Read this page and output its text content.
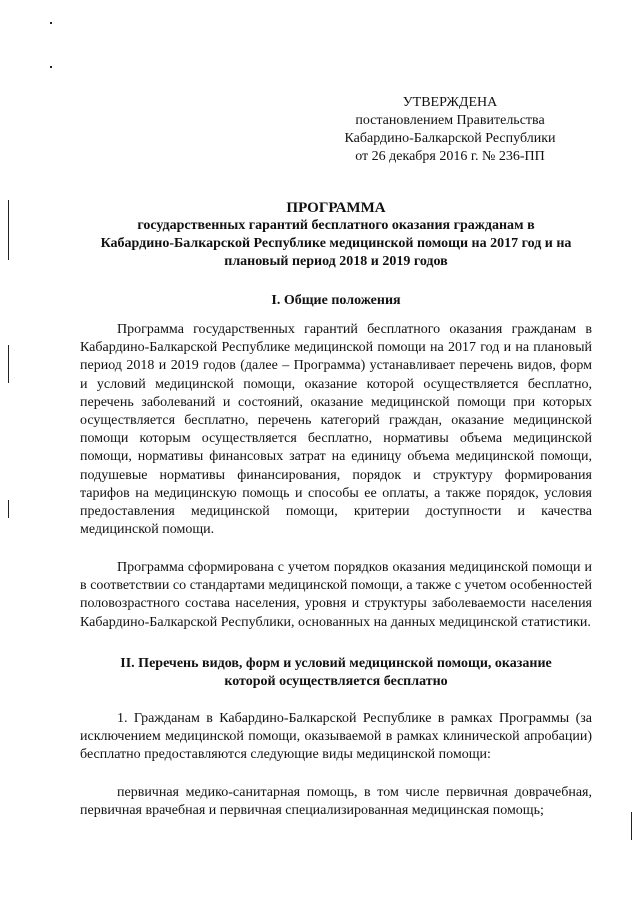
УТВЕРЖДЕНА
постановлением Правительства
Кабардино-Балкарской Республики
от 26 декабря 2016 г. № 236-ПП
ПРОГРАММА
государственных гарантий бесплатного оказания гражданам в
Кабардино-Балкарской Республике медицинской помощи на 2017 год и на
плановый период 2018 и 2019 годов
I. Общие положения
Программа государственных гарантий бесплатного оказания гражданам в Кабардино-Балкарской Республике медицинской помощи на 2017 год и на плановый период 2018 и 2019 годов (далее – Программа) устанавливает перечень видов, форм и условий медицинской помощи, оказание которой осуществляется бесплатно, перечень заболеваний и состояний, оказание медицинской помощи при которых осуществляется бесплатно, перечень категорий граждан, оказание медицинской помощи которым осуществляется бесплатно, нормативы объема медицинской помощи, нормативы финансовых затрат на единицу объема медицинской помощи, подушевые нормативы финансирования, порядок и структуру формирования тарифов на медицинскую помощь и способы ее оплаты, а также порядок, условия предоставления медицинской помощи, критерии доступности и качества медицинской помощи.
Программа сформирована с учетом порядков оказания медицинской помощи и в соответствии со стандартами медицинской помощи, а также с учетом особенностей половозрастного состава населения, уровня и структуры заболеваемости населения Кабардино-Балкарской Республики, основанных на данных медицинской статистики.
II. Перечень видов, форм и условий медицинской помощи, оказание
которой осуществляется бесплатно
1. Гражданам в Кабардино-Балкарской Республике в рамках Программы (за исключением медицинской помощи, оказываемой в рамках клинической апробации) бесплатно предоставляются следующие виды медицинской помощи:
первичная медико-санитарная помощь, в том числе первичная доврачебная, первичная врачебная и первичная специализированная медицинская помощь;
